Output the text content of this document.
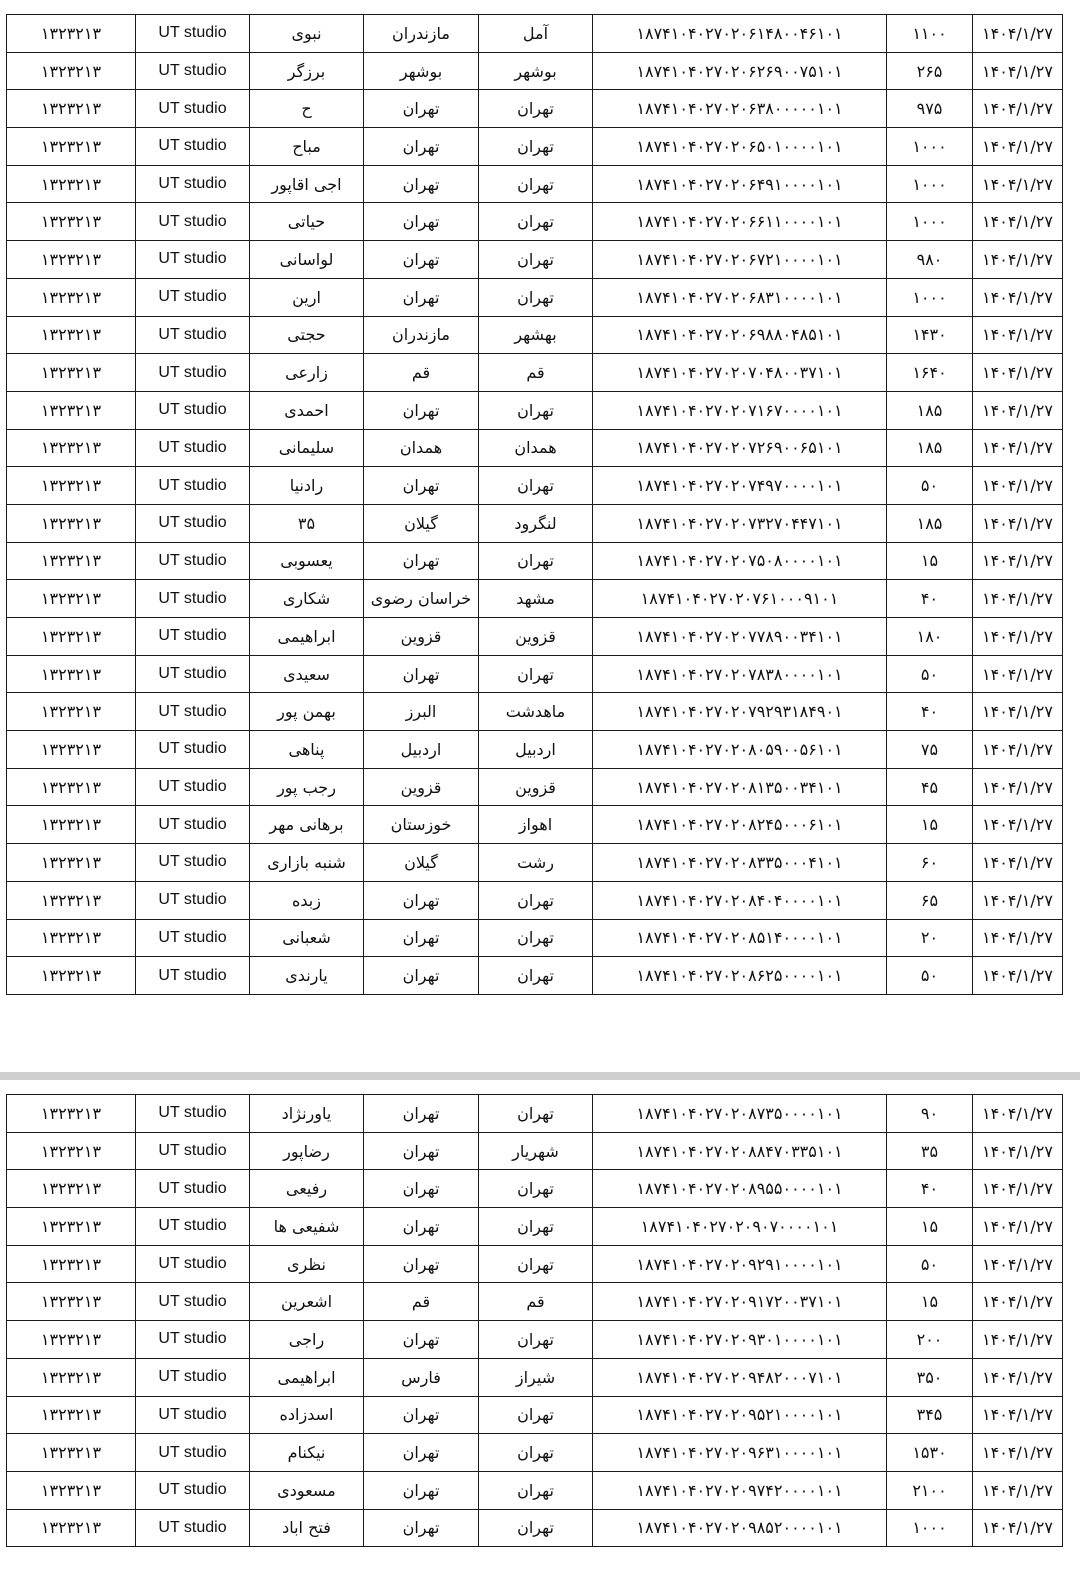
۱۳۲۳۲۱۳	UT studio	نبوی	مازندران	آمل	۱۸۷۴۱۰۴۰۲۷۰۲۰۶۱۴۸۰۰۴۶۱۰۱	۱۱۰۰	۱۴۰۴/۱/۲۷
۱۳۲۳۲۱۳	UT studio	برزگر	بوشهر	بوشهر	۱۸۷۴۱۰۴۰۲۷۰۲۰۶۲۶۹۰۰۷۵۱۰۱	۲۶۵	۱۴۰۴/۱/۲۷
۱۳۲۳۲۱۳	UT studio	ح	تهران	تهران	۱۸۷۴۱۰۴۰۲۷۰۲۰۶۳۸۰۰۰۰۰۱۰۱	۹۷۵	۱۴۰۴/۱/۲۷
۱۳۲۳۲۱۳	UT studio	مباح	تهران	تهران	۱۸۷۴۱۰۴۰۲۷۰۲۰۶۵۰۱۰۰۰۰۱۰۱	۱۰۰۰	۱۴۰۴/۱/۲۷
۱۳۲۳۲۱۳	UT studio	اجی اقاپور	تهران	تهران	۱۸۷۴۱۰۴۰۲۷۰۲۰۶۴۹۱۰۰۰۰۱۰۱	۱۰۰۰	۱۴۰۴/۱/۲۷
۱۳۲۳۲۱۳	UT studio	حیاتی	تهران	تهران	۱۸۷۴۱۰۴۰۲۷۰۲۰۶۶۱۱۰۰۰۰۱۰۱	۱۰۰۰	۱۴۰۴/۱/۲۷
۱۳۲۳۲۱۳	UT studio	لواسانی	تهران	تهران	۱۸۷۴۱۰۴۰۲۷۰۲۰۶۷۲۱۰۰۰۰۱۰۱	۹۸۰	۱۴۰۴/۱/۲۷
۱۳۲۳۲۱۳	UT studio	ارین	تهران	تهران	۱۸۷۴۱۰۴۰۲۷۰۲۰۶۸۳۱۰۰۰۰۱۰۱	۱۰۰۰	۱۴۰۴/۱/۲۷
۱۳۲۳۲۱۳	UT studio	حجتی	مازندران	بهشهر	۱۸۷۴۱۰۴۰۲۷۰۲۰۶۹۸۸۰۴۸۵۱۰۱	۱۴۳۰	۱۴۰۴/۱/۲۷
۱۳۲۳۲۱۳	UT studio	زارعی	قم	قم	۱۸۷۴۱۰۴۰۲۷۰۲۰۷۰۴۸۰۰۳۷۱۰۱	۱۶۴۰	۱۴۰۴/۱/۲۷
۱۳۲۳۲۱۳	UT studio	احمدی	تهران	تهران	۱۸۷۴۱۰۴۰۲۷۰۲۰۷۱۶۷۰۰۰۰۱۰۱	۱۸۵	۱۴۰۴/۱/۲۷
۱۳۲۳۲۱۳	UT studio	سلیمانی	همدان	همدان	۱۸۷۴۱۰۴۰۲۷۰۲۰۷۲۶۹۰۰۶۵۱۰۱	۱۸۵	۱۴۰۴/۱/۲۷
۱۳۲۳۲۱۳	UT studio	رادنیا	تهران	تهران	۱۸۷۴۱۰۴۰۲۷۰۲۰۷۴۹۷۰۰۰۰۱۰۱	۵۰	۱۴۰۴/۱/۲۷
۱۳۲۳۲۱۳	UT studio	۳۵	گیلان	لنگرود	۱۸۷۴۱۰۴۰۲۷۰۲۰۷۳۲۷۰۴۴۷۱۰۱	۱۸۵	۱۴۰۴/۱/۲۷
۱۳۲۳۲۱۳	UT studio	یعسوبی	تهران	تهران	۱۸۷۴۱۰۴۰۲۷۰۲۰۷۵۰۸۰۰۰۰۱۰۱	۱۵	۱۴۰۴/۱/۲۷
۱۳۲۳۲۱۳	UT studio	شکاری	خراسان رضوی	مشهد	۱۸۷۴۱۰۴۰۲۷۰۲۰۷۶۱۰۰۰۹۱۰۱	۴۰	۱۴۰۴/۱/۲۷
۱۳۲۳۲۱۳	UT studio	ابراهیمی	قزوین	قزوین	۱۸۷۴۱۰۴۰۲۷۰۲۰۷۷۸۹۰۰۳۴۱۰۱	۱۸۰	۱۴۰۴/۱/۲۷
۱۳۲۳۲۱۳	UT studio	سعیدی	تهران	تهران	۱۸۷۴۱۰۴۰۲۷۰۲۰۷۸۳۸۰۰۰۰۱۰۱	۵۰	۱۴۰۴/۱/۲۷
۱۳۲۳۲۱۳	UT studio	بهمن پور	البرز	ماهدشت	۱۸۷۴۱۰۴۰۲۷۰۲۰۷۹۲۹۳۱۸۴۹۰۱	۴۰	۱۴۰۴/۱/۲۷
۱۳۲۳۲۱۳	UT studio	پناهی	اردبیل	اردبیل	۱۸۷۴۱۰۴۰۲۷۰۲۰۸۰۵۹۰۰۵۶۱۰۱	۷۵	۱۴۰۴/۱/۲۷
۱۳۲۳۲۱۳	UT studio	رجب پور	قزوین	قزوین	۱۸۷۴۱۰۴۰۲۷۰۲۰۸۱۳۵۰۰۳۴۱۰۱	۴۵	۱۴۰۴/۱/۲۷
۱۳۲۳۲۱۳	UT studio	برهانی مهر	خوزستان	اهواز	۱۸۷۴۱۰۴۰۲۷۰۲۰۸۲۴۵۰۰۰۶۱۰۱	۱۵	۱۴۰۴/۱/۲۷
۱۳۲۳۲۱۳	UT studio	شنبه بازاری	گیلان	رشت	۱۸۷۴۱۰۴۰۲۷۰۲۰۸۳۳۵۰۰۰۴۱۰۱	۶۰	۱۴۰۴/۱/۲۷
۱۳۲۳۲۱۳	UT studio	زبده	تهران	تهران	۱۸۷۴۱۰۴۰۲۷۰۲۰۸۴۰۴۰۰۰۰۱۰۱	۶۵	۱۴۰۴/۱/۲۷
۱۳۲۳۲۱۳	UT studio	شعبانی	تهران	تهران	۱۸۷۴۱۰۴۰۲۷۰۲۰۸۵۱۴۰۰۰۰۱۰۱	۲۰	۱۴۰۴/۱/۲۷
۱۳۲۳۲۱۳	UT studio	یارندی	تهران	تهران	۱۸۷۴۱۰۴۰۲۷۰۲۰۸۶۲۵۰۰۰۰۱۰۱	۵۰	۱۴۰۴/۱/۲۷
۱۳۲۳۲۱۳	UT studio	یاورنژاد	تهران	تهران	۱۸۷۴۱۰۴۰۲۷۰۲۰۸۷۳۵۰۰۰۰۱۰۱	۹۰	۱۴۰۴/۱/۲۷
۱۳۲۳۲۱۳	UT studio	رضاپور	تهران	شهریار	۱۸۷۴۱۰۴۰۲۷۰۲۰۸۸۴۷۰۳۳۵۱۰۱	۳۵	۱۴۰۴/۱/۲۷
۱۳۲۳۲۱۳	UT studio	رفیعی	تهران	تهران	۱۸۷۴۱۰۴۰۲۷۰۲۰۸۹۵۵۰۰۰۰۱۰۱	۴۰	۱۴۰۴/۱/۲۷
۱۳۲۳۲۱۳	UT studio	شفیعی ها	تهران	تهران	۱۸۷۴۱۰۴۰۲۷۰۲۰۹۰۷۰۰۰۰۱۰۱	۱۵	۱۴۰۴/۱/۲۷
۱۳۲۳۲۱۳	UT studio	نظری	تهران	تهران	۱۸۷۴۱۰۴۰۲۷۰۲۰۹۲۹۱۰۰۰۰۱۰۱	۵۰	۱۴۰۴/۱/۲۷
۱۳۲۳۲۱۳	UT studio	اشعرین	قم	قم	۱۸۷۴۱۰۴۰۲۷۰۲۰۹۱۷۲۰۰۳۷۱۰۱	۱۵	۱۴۰۴/۱/۲۷
۱۳۲۳۲۱۳	UT studio	راجی	تهران	تهران	۱۸۷۴۱۰۴۰۲۷۰۲۰۹۳۰۱۰۰۰۰۱۰۱	۲۰۰	۱۴۰۴/۱/۲۷
۱۳۲۳۲۱۳	UT studio	ابراهیمی	فارس	شیراز	۱۸۷۴۱۰۴۰۲۷۰۲۰۹۴۸۲۰۰۰۷۱۰۱	۳۵۰	۱۴۰۴/۱/۲۷
۱۳۲۳۲۱۳	UT studio	اسدزاده	تهران	تهران	۱۸۷۴۱۰۴۰۲۷۰۲۰۹۵۲۱۰۰۰۰۱۰۱	۳۴۵	۱۴۰۴/۱/۲۷
۱۳۲۳۲۱۳	UT studio	نیکنام	تهران	تهران	۱۸۷۴۱۰۴۰۲۷۰۲۰۹۶۳۱۰۰۰۰۱۰۱	۱۵۳۰	۱۴۰۴/۱/۲۷
۱۳۲۳۲۱۳	UT studio	مسعودی	تهران	تهران	۱۸۷۴۱۰۴۰۲۷۰۲۰۹۷۴۲۰۰۰۰۱۰۱	۲۱۰۰	۱۴۰۴/۱/۲۷
۱۳۲۳۲۱۳	UT studio	فتح اباد	تهران	تهران	۱۸۷۴۱۰۴۰۲۷۰۲۰۹۸۵۲۰۰۰۰۱۰۱	۱۰۰۰	۱۴۰۴/۱/۲۷
